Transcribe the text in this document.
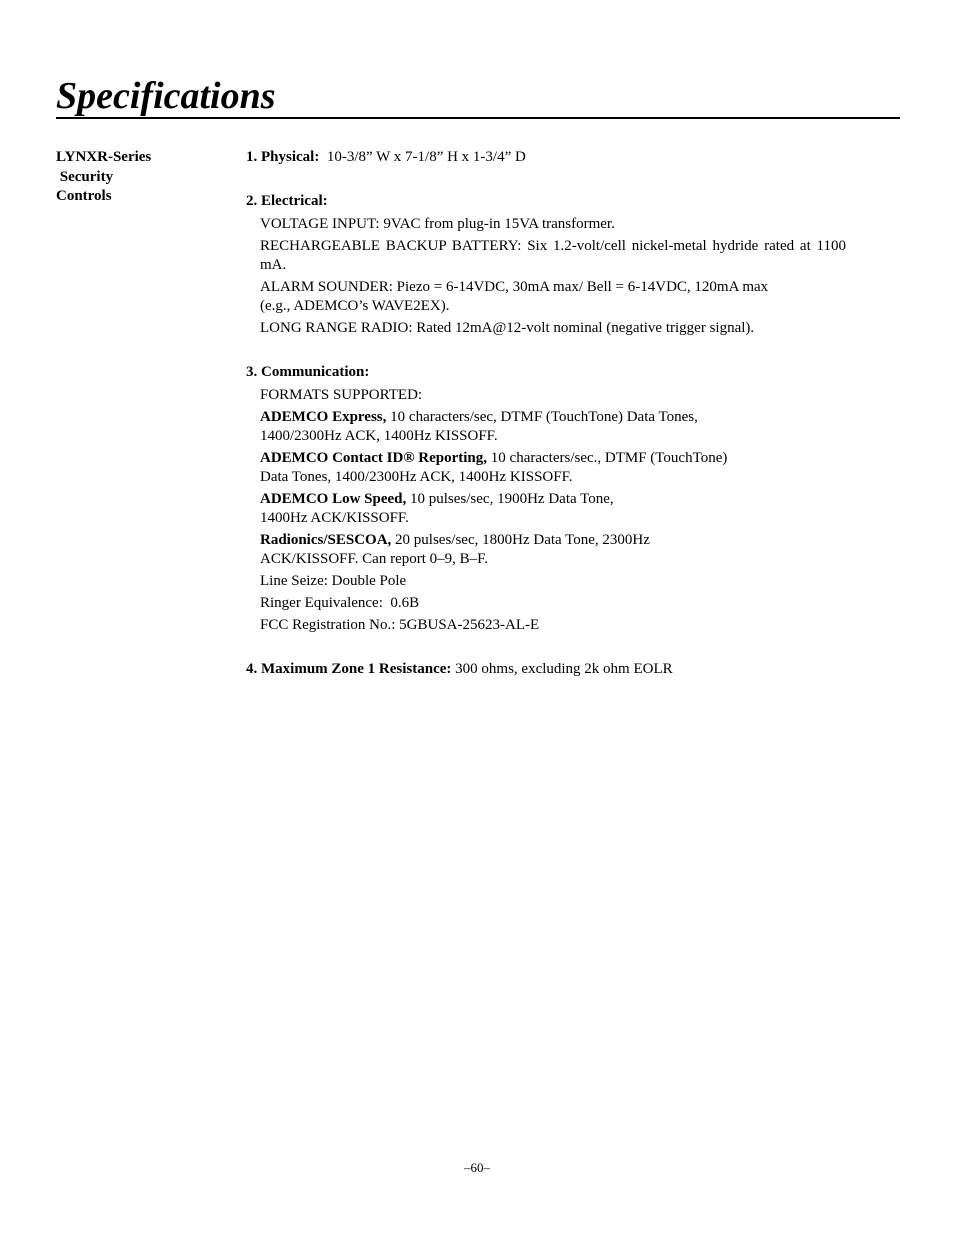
Specifications
LYNXR-Series
Security
Controls
1. Physical: 10-3/8” W x 7-1/8” H x 1-3/4” D
2. Electrical:
VOLTAGE INPUT: 9VAC from plug-in 15VA transformer.
RECHARGEABLE BACKUP BATTERY: Six 1.2-volt/cell nickel-metal hydride rated at 1100 mA.
ALARM SOUNDER: Piezo = 6-14VDC, 30mA max/ Bell = 6-14VDC, 120mA max
(e.g., ADEMCO’s WAVE2EX).
LONG RANGE RADIO: Rated 12mA@12-volt nominal (negative trigger signal).
3. Communication:
FORMATS SUPPORTED:
ADEMCO Express, 10 characters/sec, DTMF (TouchTone) Data Tones,
1400/2300Hz ACK, 1400Hz KISSOFF.
ADEMCO Contact ID® Reporting, 10 characters/sec., DTMF (TouchTone)
Data Tones, 1400/2300Hz ACK, 1400Hz KISSOFF.
ADEMCO Low Speed, 10 pulses/sec, 1900Hz Data Tone,
1400Hz ACK/KISSOFF.
Radionics/SESCOA, 20 pulses/sec, 1800Hz Data Tone, 2300Hz
ACK/KISSOFF. Can report 0–9, B–F.
Line Seize: Double Pole
Ringer Equivalence:  0.6B
FCC Registration No.: 5GBUSA-25623-AL-E
4. Maximum Zone 1 Resistance: 300 ohms, excluding 2k ohm EOLR
–60–
